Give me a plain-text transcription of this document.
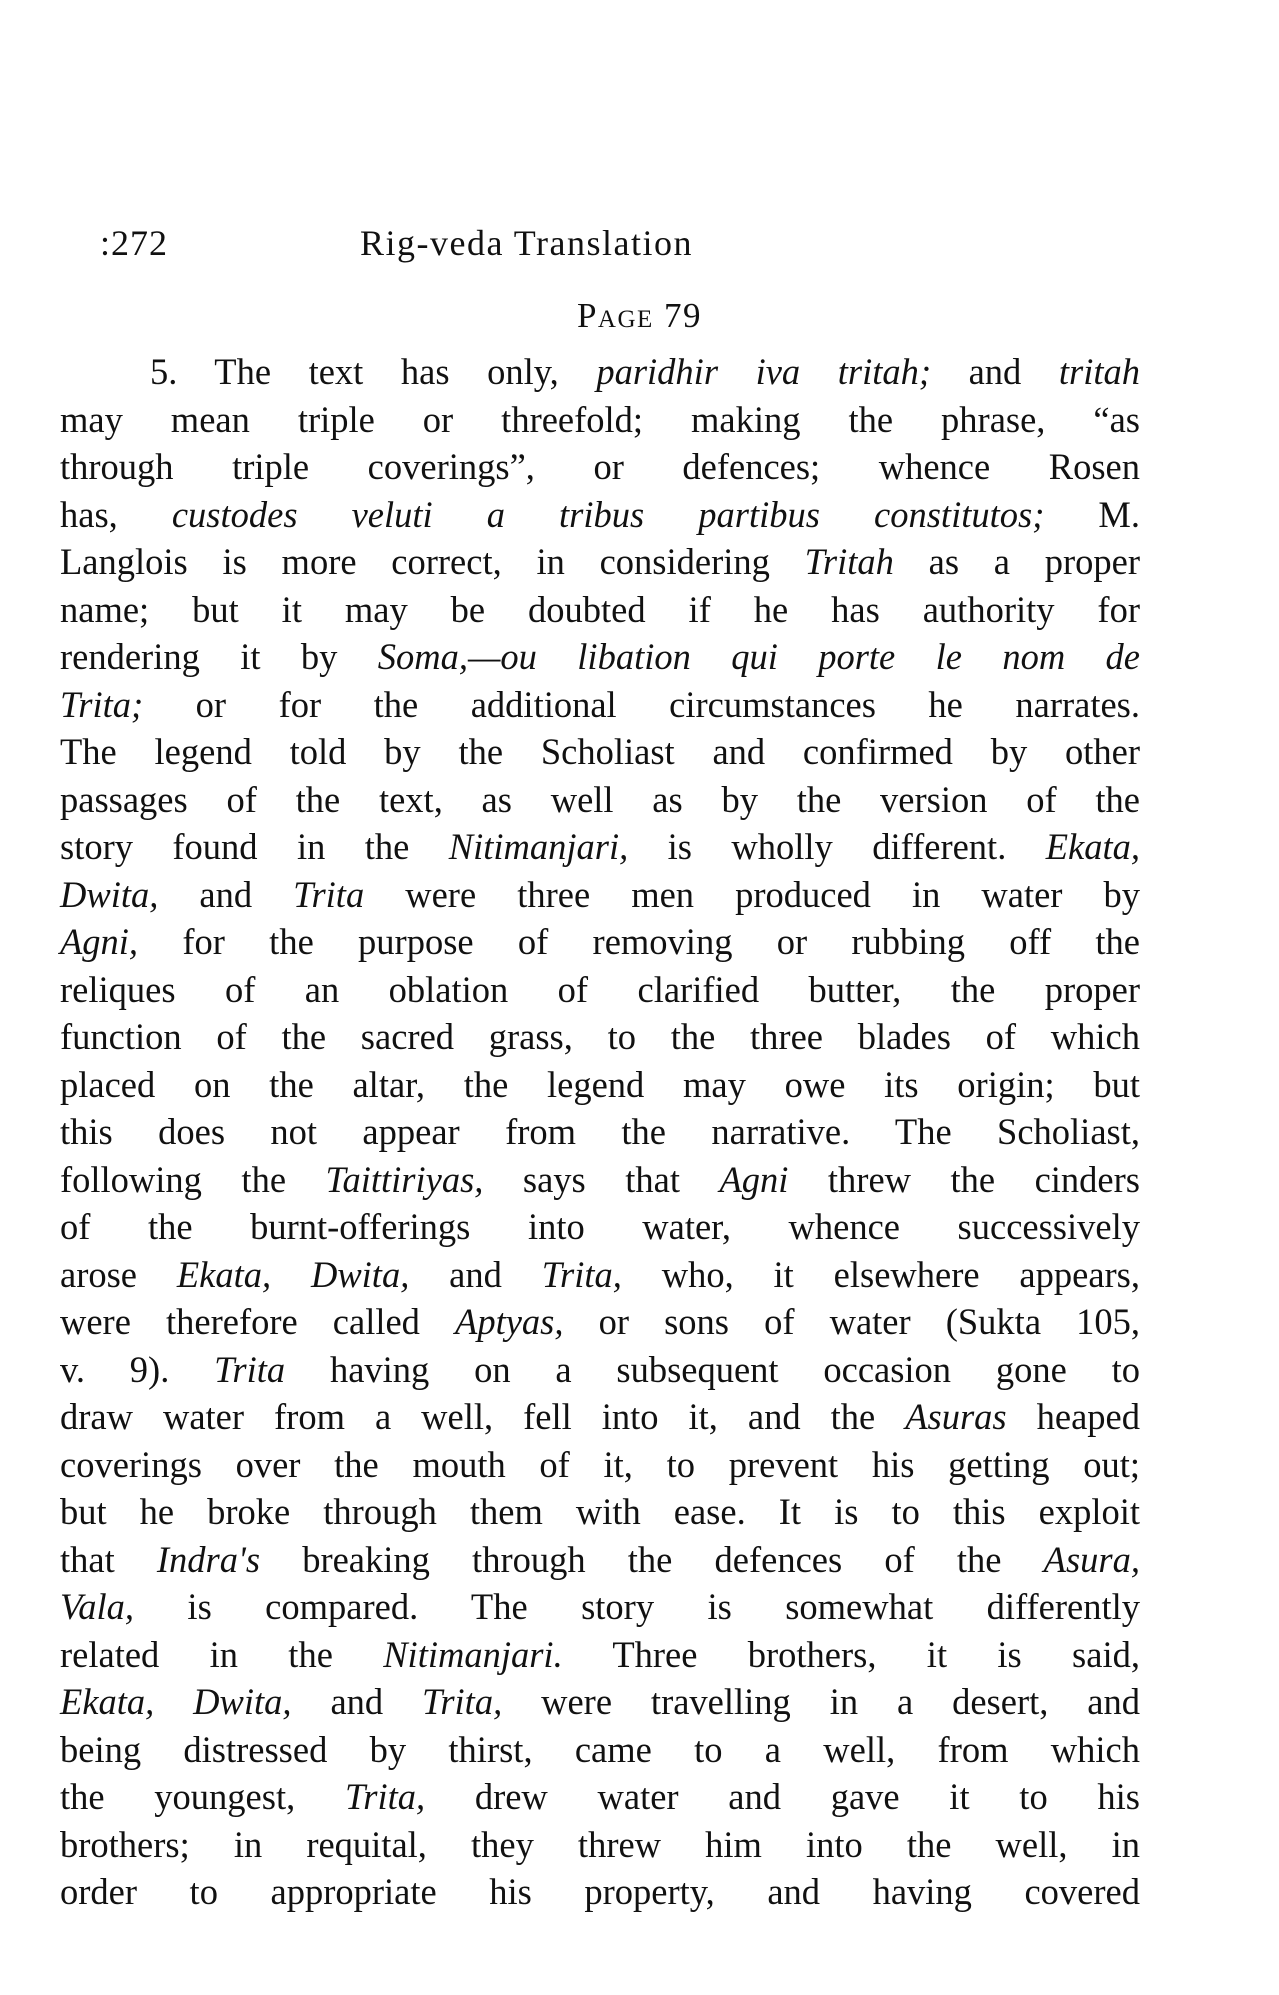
:272	Rig-veda Translation
Page 79
5. The text has only, paridhir iva tritah; and tritah
may mean triple or threefold; making the phrase, “as
through triple coverings”, or defences; whence Rosen
has, custodes veluti a tribus partibus constitutos; M.
Langlois is more correct, in considering Tritah as a proper
name; but it may be doubted if he has authority for
rendering it by Soma,—ou libation qui porte le nom de
Trita; or for the additional circumstances he narrates.
The legend told by the Scholiast and confirmed by other
passages of the text, as well as by the version of the
story found in the Nitimanjari, is wholly different. Ekata,
Dwita, and Trita were three men produced in water by
Agni, for the purpose of removing or rubbing off the
reliques of an oblation of clarified butter, the proper
function of the sacred grass, to the three blades of which
placed on the altar, the legend may owe its origin; but
this does not appear from the narrative. The Scholiast,
following the Taittiriyas, says that Agni threw the cinders
of the burnt-offerings into water, whence successively
arose Ekata, Dwita, and Trita, who, it elsewhere appears,
were therefore called Aptyas, or sons of water (Sukta 105,
v. 9). Trita having on a subsequent occasion gone to
draw water from a well, fell into it, and the Asuras heaped
coverings over the mouth of it, to prevent his getting out;
but he broke through them with ease. It is to this exploit
that Indra's breaking through the defences of the Asura,
Vala, is compared. The story is somewhat differently
related in the Nitimanjari. Three brothers, it is said,
Ekata, Dwita, and Trita, were travelling in a desert, and
being distressed by thirst, came to a well, from which
the youngest, Trita, drew water and gave it to his
brothers; in requital, they threw him into the well, in
order to appropriate his property, and having covered
